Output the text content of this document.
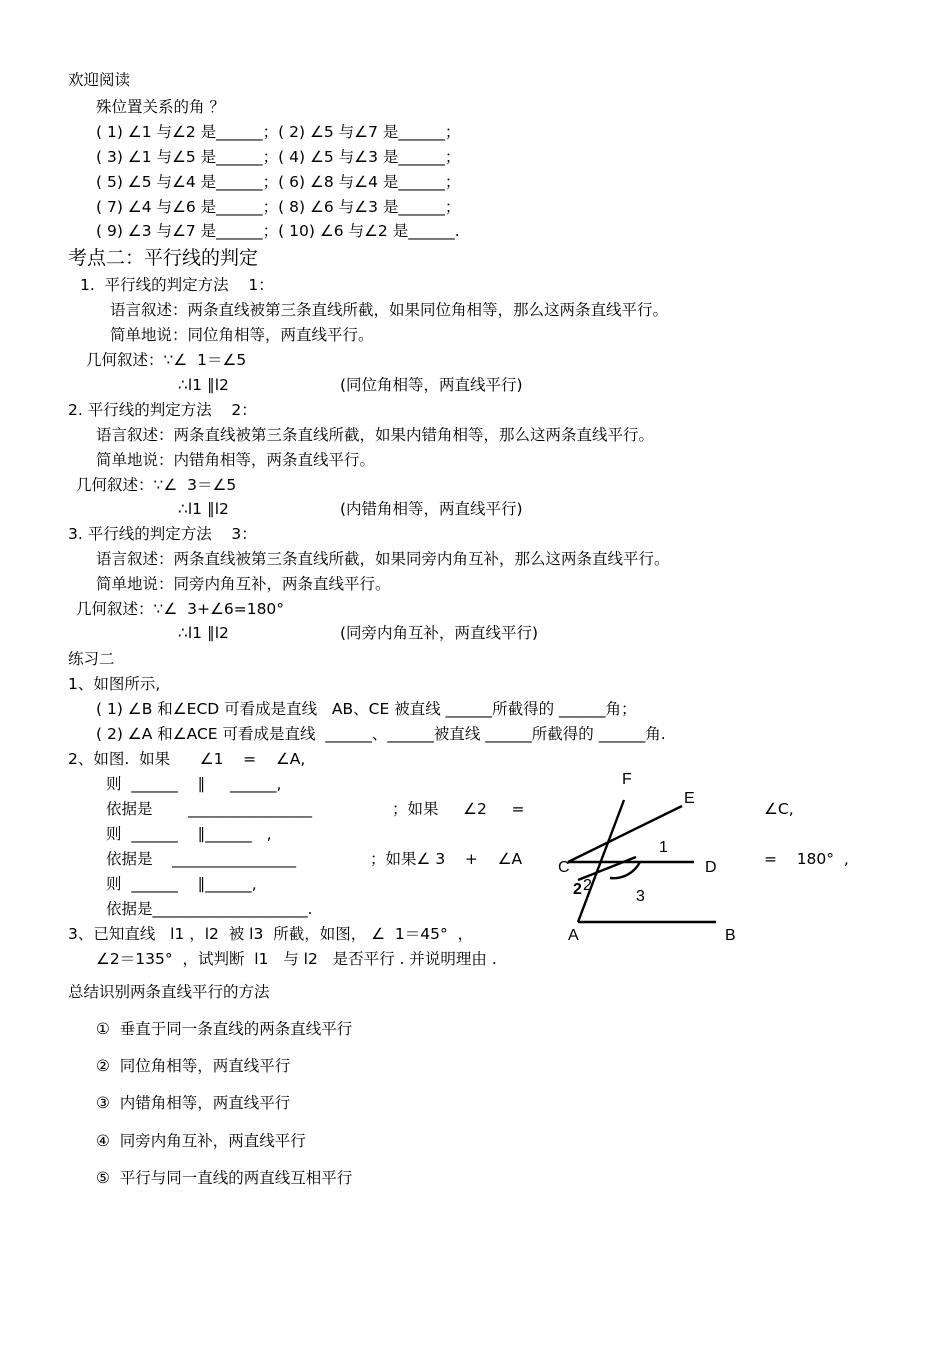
欢迎阅读
殊位置关系的角 ？
( 1) ∠1 与∠2 是______；( 2) ∠5 与∠7 是______；
( 3) ∠1 与∠5 是______；( 4) ∠5 与∠3 是______；
( 5) ∠5 与∠4 是______；( 6) ∠8 与∠4 是______；
( 7) ∠4 与∠6 是______；( 8) ∠6 与∠3 是______；
( 9) ∠3 与∠7 是______；( 10) ∠6 与∠2 是______.
考点二：平行线的判定
1.  平行线的判定方法    1：
语言叙述：两条直线被第三条直线所截，如果同位角相等，那么这两条直线平行。
简单地说：同位角相等，两直线平行。
几何叙述：∵∠  1＝∠5
∴l1 ∥l2	(同位角相等，两直线平行)
2. 平行线的判定方法    2：
语言叙述：两条直线被第三条直线所截，如果内错角相等，那么这两条直线平行。
简单地说：内错角相等，两条直线平行。
几何叙述：∵∠  3＝∠5
∴l1 ∥l2	(内错角相等，两直线平行)
3. 平行线的判定方法    3：
语言叙述：两条直线被第三条直线所截，如果同旁内角互补，那么这两条直线平行。
简单地说：同旁内角互补，两条直线平行。
几何叙述：∵∠  3+∠6=180°
∴l1 ∥l2	(同旁内角互补，两直线平行)
练习二
1、如图所示,
( 1) ∠B 和∠ECD 可看成是直线   AB、CE 被直线 ______所截得的 ______角；
( 2) ∠A 和∠ACE 可看成是直线  ______、______被直线 ______所截得的 ______角.
2、如图.  如果      ∠1    =    ∠A,
则  ______    ∥     ______,
依据是 ________________	；如果     ∠2     =	∠C,
则  ______    ∥______   ,
依据是 ________________	；如果∠ 3    +    ∠A	=    180°  ,
则  ______    ∥______,
依据是____________________.
3、已知直线   l1 ，l2  被 l3  所截，如图， ∠  1＝45°  ，
∠2＝135°  ，试判断  l1   与 l2   是否平行 . 并说明理由 .
F
E
C	D
A	B
1
2 2
3
总结识别两条直线平行的方法
①  垂直于同一条直线的两条直线平行
②  同位角相等，两直线平行
③  内错角相等，两直线平行
④  同旁内角互补，两直线平行
⑤  平行与同一直线的两直线互相平行
